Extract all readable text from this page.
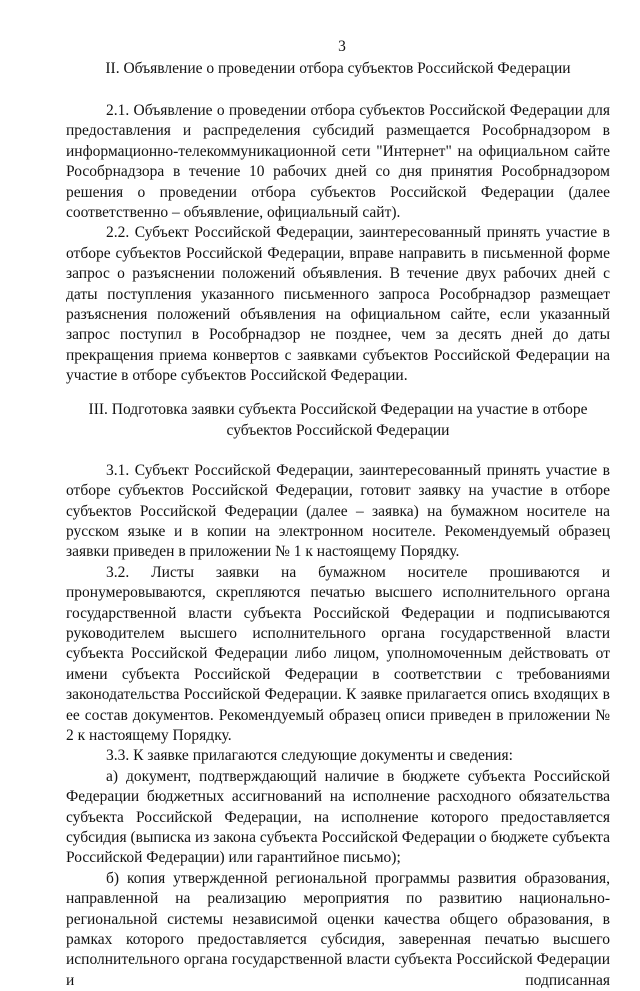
3
II. Объявление о проведении отбора субъектов Российской Федерации

2.1. Объявление о проведении отбора субъектов Российской Федерации для предоставления и распределения субсидий размещается Рособрнадзором в информационно-телекоммуникационной сети "Интернет" на официальном сайте Рособрнадзора в течение 10 рабочих дней со дня принятия Рособрнадзором решения о проведении отбора субъектов Российской Федерации (далее соответственно – объявление, официальный сайт).

2.2. Субъект Российской Федерации, заинтересованный принять участие в отборе субъектов Российской Федерации, вправе направить в письменной форме запрос о разъяснении положений объявления. В течение двух рабочих дней с даты поступления указанного письменного запроса Рособрнадзор размещает разъяснения положений объявления на официальном сайте, если указанный запрос поступил в Рособрнадзор не позднее, чем за десять дней до даты прекращения приема конвертов с заявками субъектов Российской Федерации на участие в отборе субъектов Российской Федерации.

III. Подготовка заявки субъекта Российской Федерации на участие в отборе
субъектов Российской Федерации

3.1. Субъект Российской Федерации, заинтересованный принять участие в отборе субъектов Российской Федерации, готовит заявку на участие в отборе субъектов Российской Федерации (далее – заявка) на бумажном носителе на русском языке и в копии на электронном носителе. Рекомендуемый образец заявки приведен в приложении № 1 к настоящему Порядку.

3.2. Листы заявки на бумажном носителе прошиваются и пронумеровываются, скрепляются печатью высшего исполнительного органа государственной власти субъекта Российской Федерации и подписываются руководителем высшего исполнительного органа государственной власти субъекта Российской Федерации либо лицом, уполномоченным действовать от имени субъекта Российской Федерации в соответствии с требованиями законодательства Российской Федерации. К заявке прилагается опись входящих в ее состав документов. Рекомендуемый образец описи приведен в приложении № 2 к настоящему Порядку.

3.3. К заявке прилагаются следующие документы и сведения:

а) документ, подтверждающий наличие в бюджете субъекта Российской Федерации бюджетных ассигнований на исполнение расходного обязательства субъекта Российской Федерации, на исполнение которого предоставляется субсидия (выписка из закона субъекта Российской Федерации о бюджете субъекта Российской Федерации) или гарантийное письмо);

б) копия утвержденной региональной программы развития образования, направленной на реализацию мероприятия по развитию национально-региональной системы независимой оценки качества общего образования, в рамках которого предоставляется субсидия, заверенная печатью высшего исполнительного органа государственной власти субъекта Российской Федерации и подписанная
